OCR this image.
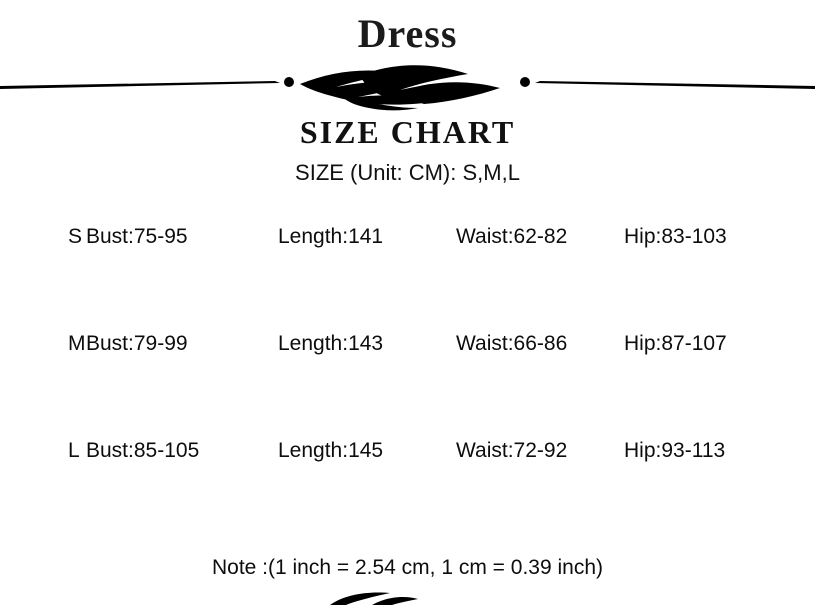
Dress
SIZE CHART
SIZE (Unit: CM): S,M,L
S Bust:75-95	Length:141	Waist:62-82	Hip:83-103
M Bust:79-99	Length:143	Waist:66-86	Hip:87-107
L Bust:85-105	Length:145	Waist:72-92	Hip:93-113
Note :(1 inch = 2.54 cm, 1 cm = 0.39 inch)
